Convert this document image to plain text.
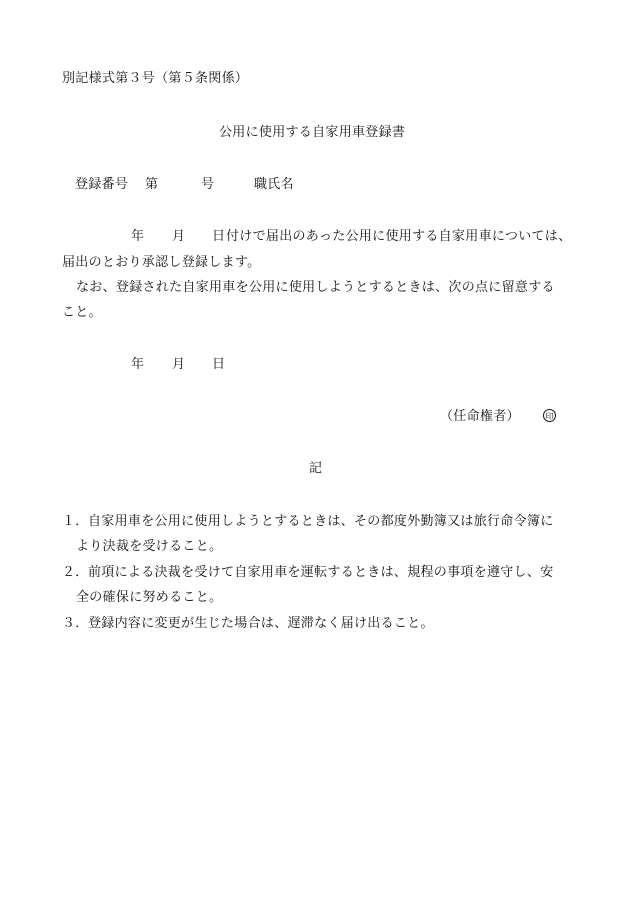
別記様式第３号（第５条関係）
公用に使用する自家用車登録書
登録番号 第	号	職氏名
年 月 日 付けで届出のあった公用に使用する自家用車については、
届出のとおり承認し登録します。
なお、登録された自家用車を公用に使用しようとするときは、次の点に留意する
こと。
年 月 日
（任命権者）	印
記
１． 自家用車を公用に使用しようとするときは、その都度外勤簿又は旅行命令簿に
より決裁を受けること。
２． 前項による決裁を受けて自家用車を運転するときは、規程の事項を遵守し、安
全の確保に努めること。
３． 登録内容に変更が生じた場合は、遅滞なく届け出ること。
